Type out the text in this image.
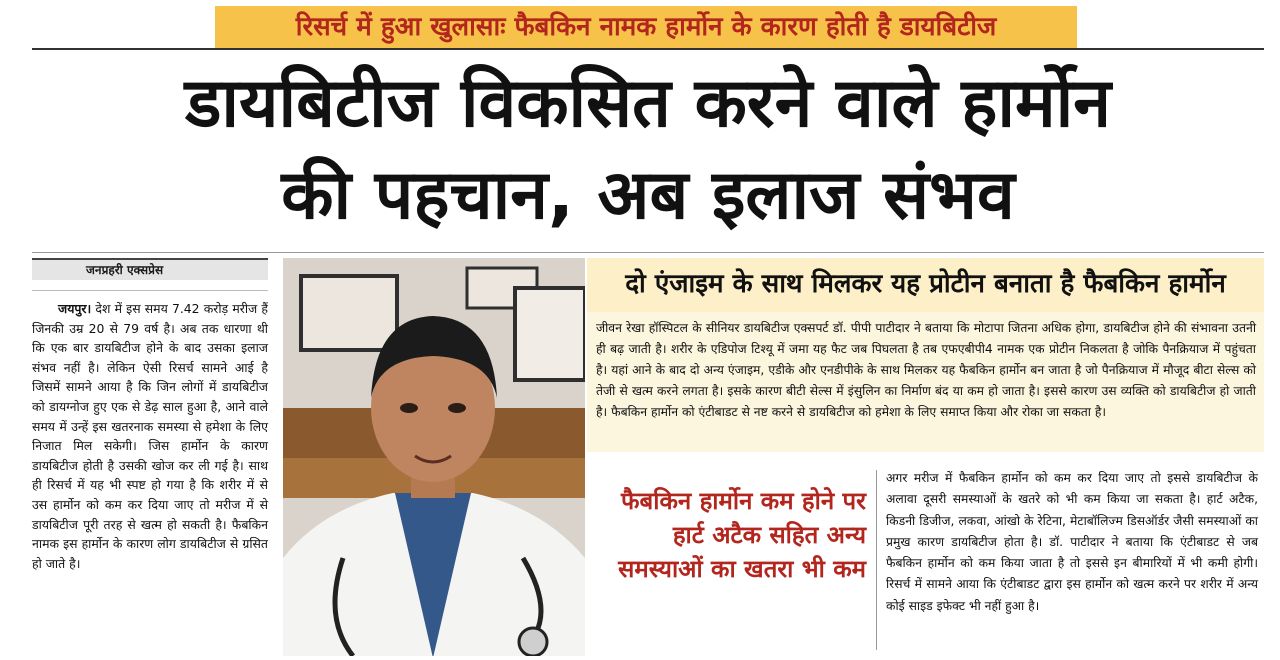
रिसर्च में हुआ खुलासाः फैबकिन नामक हार्मोन के कारण होती है डायबिटीज
डायबिटीज विकसित करने वाले हार्मोन
की पहचान, अब इलाज संभव
जनप्रहरी एक्सप्रेस
जयपुर। देश में इस समय 7.42 करोड़ मरीज हैं जिनकी उम्र 20 से 79 वर्ष है। अब तक धारणा थी कि एक बार डायबिटीज होने के बाद उसका इलाज संभव नहीं है। लेकिन ऐसी रिसर्च सामने आई है जिसमें सामने आया है कि जिन लोगों में डायबिटीज को डायग्नोज हुए एक से डेढ़ साल हुआ है, आने वाले समय में उन्हें इस खतरनाक समस्या से हमेशा के लिए निजात मिल सकेगी। जिस हार्मोन के कारण डायबिटीज होती है उसकी खोज कर ली गई है। साथ ही रिसर्च में यह भी स्पष्ट हो गया है कि शरीर में से उस हार्मोन को कम कर दिया जाए तो मरीज में से डायबिटीज पूरी तरह से खत्म हो सकती है। फैबकिन नामक इस हार्मोन के कारण लोग डायबिटीज से ग्रसित हो जाते है।
दो एंजाइम के साथ मिलकर यह प्रोटीन बनाता है फैबकिन हार्मोन
जीवन रेखा हॉस्पिटल के सीनियर डायबिटीज एक्सपर्ट डॉ. पीपी पाटीदार ने बताया कि मोटापा जितना अधिक होगा, डायबिटीज होने की संभावना उतनी ही बढ़ जाती है। शरीर के एडिपोज टिश्यू में जमा यह फैट जब पिघलता है तब एफएबीपी4 नामक एक प्रोटीन निकलता है जोकि पैनक्रियाज में पहुंचता है। यहां आने के बाद दो अन्य एंजाइम, एडीके और एनडीपीके के साथ मिलकर यह फैबकिन हार्मोन बन जाता है जो पैनक्रियाज में मौजूद बीटा सेल्स को तेजी से खत्म करने लगता है। इसके कारण बीटी सेल्स में इंसुलिन का निर्माण बंद या कम हो जाता है। इससे कारण उस व्यक्ति को डायबिटीज हो जाती है। फैबकिन हार्मोन को एंटीबाडट से नष्ट करने से डायबिटीज को हमेशा के लिए समाप्त किया और रोका जा सकता है।
फैबकिन हार्मोन कम होने पर हार्ट अटैक सहित अन्य समस्याओं का खतरा भी कम
अगर मरीज में फैबकिन हार्मोन को कम कर दिया जाए तो इससे डायबिटीज के अलावा दूसरी समस्याओं के खतरे को भी कम किया जा सकता है। हार्ट अटैक, किडनी डिजीज, लकवा, आंखो के रेटिना, मेटाबॉलिज्म डिसऑर्डर जैसी समस्याओं का प्रमुख कारण डायबिटीज होता है। डॉ. पाटीदार ने बताया कि एंटीबाडट से जब फैबकिन हार्मोन को कम किया जाता है तो इससे इन बीमारियों में भी कमी होगी। रिसर्च में सामने आया कि एंटीबाडट द्वारा इस हार्मोन को खत्म करने पर शरीर में अन्य कोई साइड इफेक्ट भी नहीं हुआ है।
